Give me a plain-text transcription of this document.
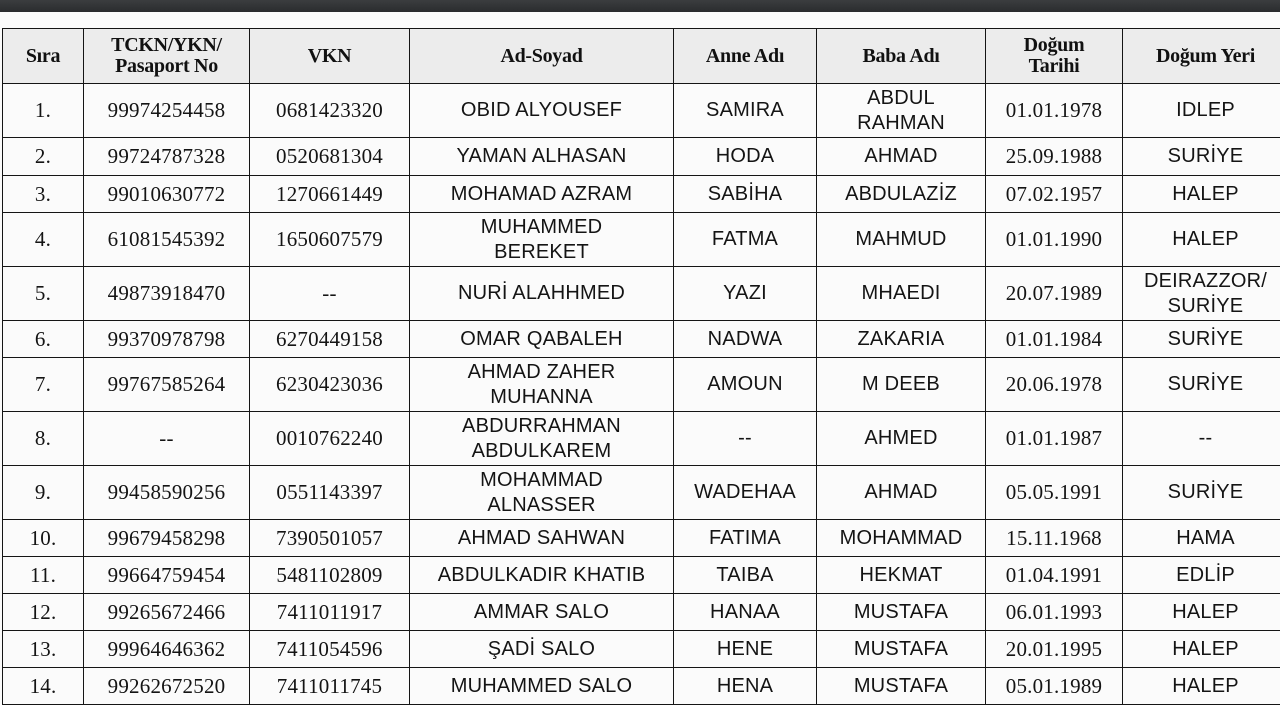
Sıra	TCKN/YKN/
Pasaport No	VKN	Ad-Soyad	Anne Adı	Baba Adı	Doğum
Tarihi	Doğum Yeri
1.	99974254458	0681423320	OBID ALYOUSEF	SAMIRA	ABDUL
RAHMAN	01.01.1978	IDLEP
2.	99724787328	0520681304	YAMAN ALHASAN	HODA	AHMAD	25.09.1988	SURİYE
3.	99010630772	1270661449	MOHAMAD AZRAM	SABİHA	ABDULAZİZ	07.02.1957	HALEP
4.	61081545392	1650607579	MUHAMMED
BEREKET	FATMA	MAHMUD	01.01.1990	HALEP
5.	49873918470	--	NURİ ALAHHMED	YAZI	MHAEDI	20.07.1989	DEIRAZZOR/
SURİYE
6.	99370978798	6270449158	OMAR QABALEH	NADWA	ZAKARIA	01.01.1984	SURİYE
7.	99767585264	6230423036	AHMAD ZAHER
MUHANNA	AMOUN	M DEEB	20.06.1978	SURİYE
8.	--	0010762240	ABDURRAHMAN
ABDULKAREM	--	AHMED	01.01.1987	--
9.	99458590256	0551143397	MOHAMMAD
ALNASSER	WADEHAA	AHMAD	05.05.1991	SURİYE
10.	99679458298	7390501057	AHMAD SAHWAN	FATIMA	MOHAMMAD	15.11.1968	HAMA
11.	99664759454	5481102809	ABDULKADIR KHATIB	TAIBA	HEKMAT	01.04.1991	EDLİP
12.	99265672466	7411011917	AMMAR SALO	HANAA	MUSTAFA	06.01.1993	HALEP
13.	99964646362	7411054596	ŞADİ SALO	HENE	MUSTAFA	20.01.1995	HALEP
14.	99262672520	7411011745	MUHAMMED SALO	HENA	MUSTAFA	05.01.1989	HALEP
